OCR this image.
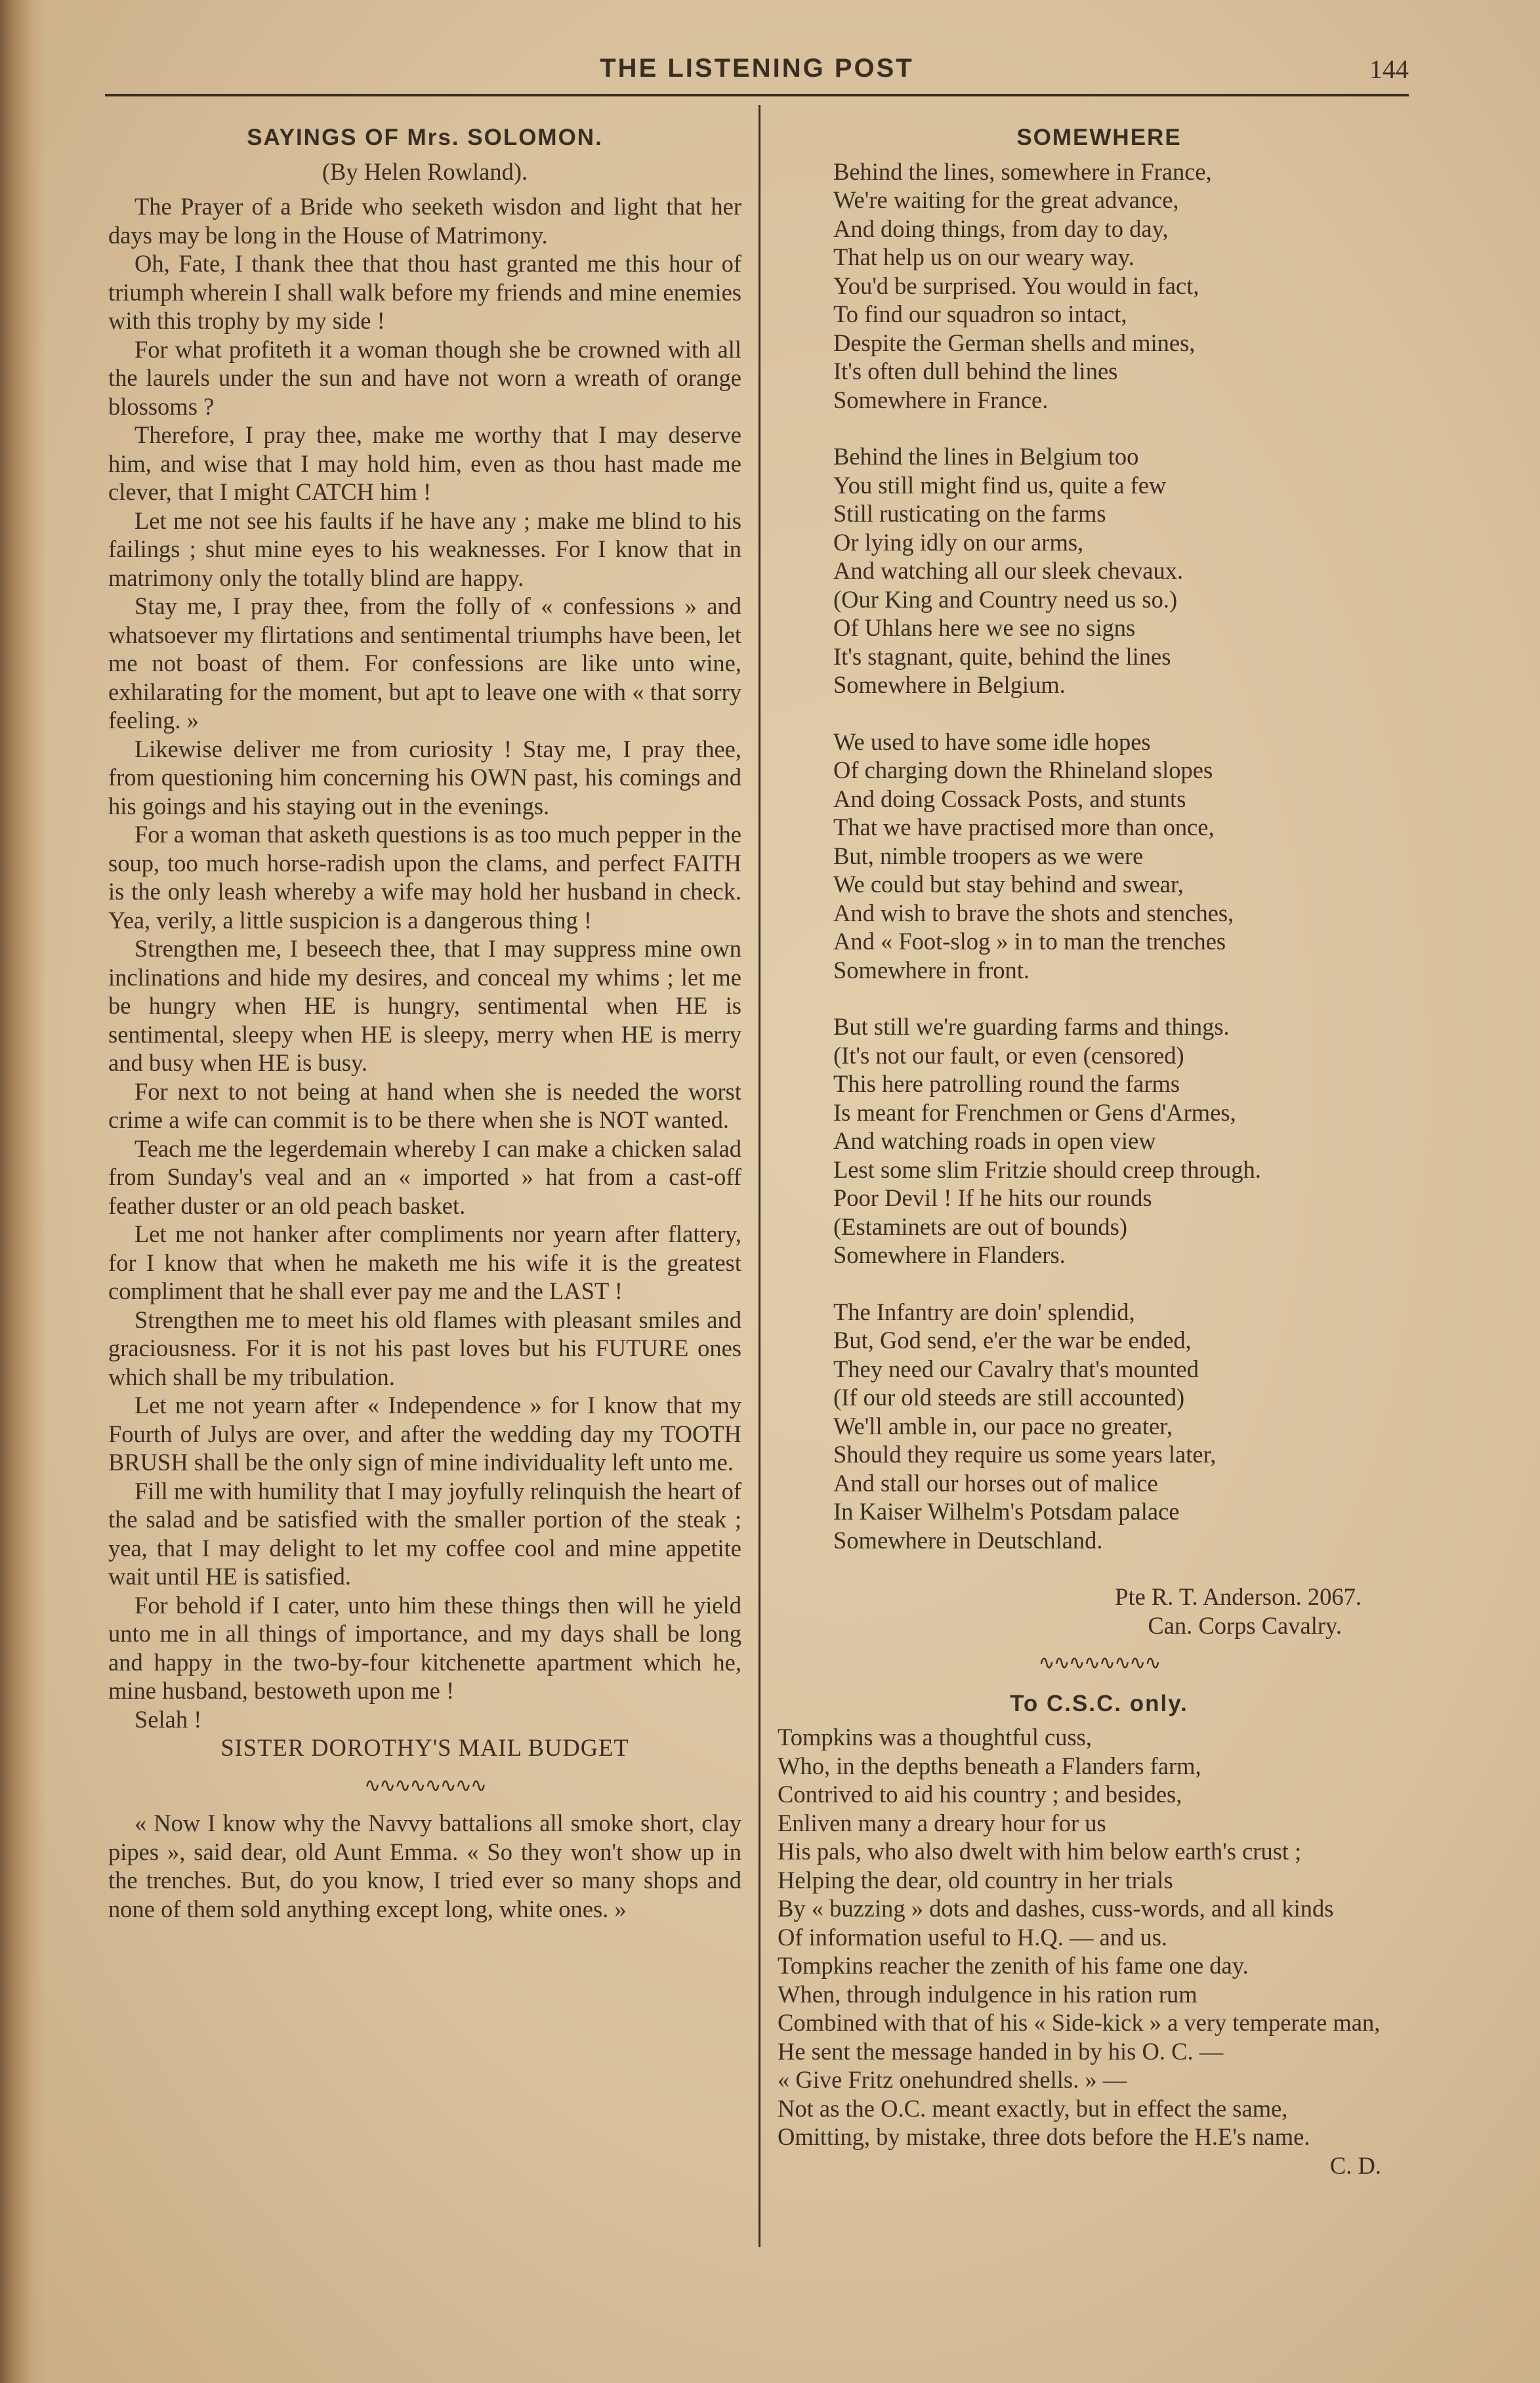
THE LISTENING POST	144
SAYINGS OF Mrs. SOLOMON.
(By Helen Rowland).

The Prayer of a Bride who seeketh wisdon and light that her days may be long in the House of Matrimony.

Oh, Fate, I thank thee that thou hast granted me this hour of triumph wherein I shall walk before my friends and mine enemies with this trophy by my side !

For what profiteth it a woman though she be crowned with all the laurels under the sun and have not worn a wreath of orange blossoms ?

Therefore, I pray thee, make me worthy that I may deserve him, and wise that I may hold him, even as thou hast made me clever, that I might CATCH him !

Let me not see his faults if he have any ; make me blind to his failings ; shut mine eyes to his weaknesses. For I know that in matrimony only the totally blind are happy.

Stay me, I pray thee, from the folly of « confessions » and whatsoever my flirtations and sentimental triumphs have been, let me not boast of them. For confessions are like unto wine, exhilarating for the moment, but apt to leave one with « that sorry feeling. »

Likewise deliver me from curiosity ! Stay me, I pray thee, from questioning him concerning his OWN past, his comings and his goings and his staying out in the evenings.

For a woman that asketh questions is as too much pepper in the soup, too much horse-radish upon the clams, and perfect FAITH is the only leash whereby a wife may hold her husband in check. Yea, verily, a little suspicion is a dangerous thing !

Strengthen me, I beseech thee, that I may suppress mine own inclinations and hide my desires, and conceal my whims ; let me be hungry when HE is hungry, sentimental when HE is sentimental, sleepy when HE is sleepy, merry when HE is merry and busy when HE is busy.

For next to not being at hand when she is needed the worst crime a wife can commit is to be there when she is NOT wanted.

Teach me the legerdemain whereby I can make a chicken salad from Sunday's veal and an « imported » hat from a cast-off feather duster or an old peach basket.

Let me not hanker after compliments nor yearn after flattery, for I know that when he maketh me his wife it is the greatest compliment that he shall ever pay me and the LAST !

Strengthen me to meet his old flames with pleasant smiles and graciousness. For it is not his past loves but his FUTURE ones which shall be my tribulation.

Let me not yearn after « Independence » for I know that my Fourth of Julys are over, and after the wedding day my TOOTH BRUSH shall be the only sign of mine individuality left unto me.

Fill me with humility that I may joyfully relinquish the heart of the salad and be satisfied with the smaller portion of the steak ; yea, that I may delight to let my coffee cool and mine appetite wait until HE is satisfied.

For behold if I cater, unto him these things then will he yield unto me in all things of importance, and my days shall be long and happy in the two-by-four kitchenette apartment which he, mine husband, bestoweth upon me !

Selah !

SISTER DOROTHY'S MAIL BUDGET

∿∿∿∿∿∿∿∿

« Now I know why the Navvy battalions all smoke short, clay pipes », said dear, old Aunt Emma. « So they won't show up in the trenches. But, do you know, I tried ever so many shops and none of them sold anything except long, white ones. »

SOMEWHERE
Behind the lines, somewhere in France,
We're waiting for the great advance,
And doing things, from day to day,
That help us on our weary way.
You'd be surprised. You would in fact,
To find our squadron so intact,
Despite the German shells and mines,
It's often dull behind the lines
Somewhere in France.
Behind the lines in Belgium too
You still might find us, quite a few
Still rusticating on the farms
Or lying idly on our arms,
And watching all our sleek chevaux.
(Our King and Country need us so.)
Of Uhlans here we see no signs
It's stagnant, quite, behind the lines
Somewhere in Belgium.
We used to have some idle hopes
Of charging down the Rhineland slopes
And doing Cossack Posts, and stunts
That we have practised more than once,
But, nimble troopers as we were
We could but stay behind and swear,
And wish to brave the shots and stenches,
And « Foot-slog » in to man the trenches
Somewhere in front.
But still we're guarding farms and things.
(It's not our fault, or even (censored)
This here patrolling round the farms
Is meant for Frenchmen or Gens d'Armes,
And watching roads in open view
Lest some slim Fritzie should creep through.
Poor Devil ! If he hits our rounds
(Estaminets are out of bounds)
Somewhere in Flanders.
The Infantry are doin' splendid,
But, God send, e'er the war be ended,
They need our Cavalry that's mounted
(If our old steeds are still accounted)
We'll amble in, our pace no greater,
Should they require us some years later,
And stall our horses out of malice
In Kaiser Wilhelm's Potsdam palace
Somewhere in Deutschland.
Pte R. T. Anderson. 2067.
Can. Corps Cavalry.
∿∿∿∿∿∿∿∿
To C.S.C. only.
Tompkins was a thoughtful cuss,
Who, in the depths beneath a Flanders farm,
Contrived to aid his country ; and besides,
Enliven many a dreary hour for us
His pals, who also dwelt with him below earth's crust ;
Helping the dear, old country in her trials
By « buzzing » dots and dashes, cuss-words, and all kinds
Of information useful to H.Q. — and us.
Tompkins reacher the zenith of his fame one day.
When, through indulgence in his ration rum
Combined with that of his « Side-kick » a very temperate man,
He sent the message handed in by his O. C. —
« Give Fritz onehundred shells. » —
Not as the O.C. meant exactly, but in effect the same,
Omitting, by mistake, three dots before the H.E's name.
C. D.
